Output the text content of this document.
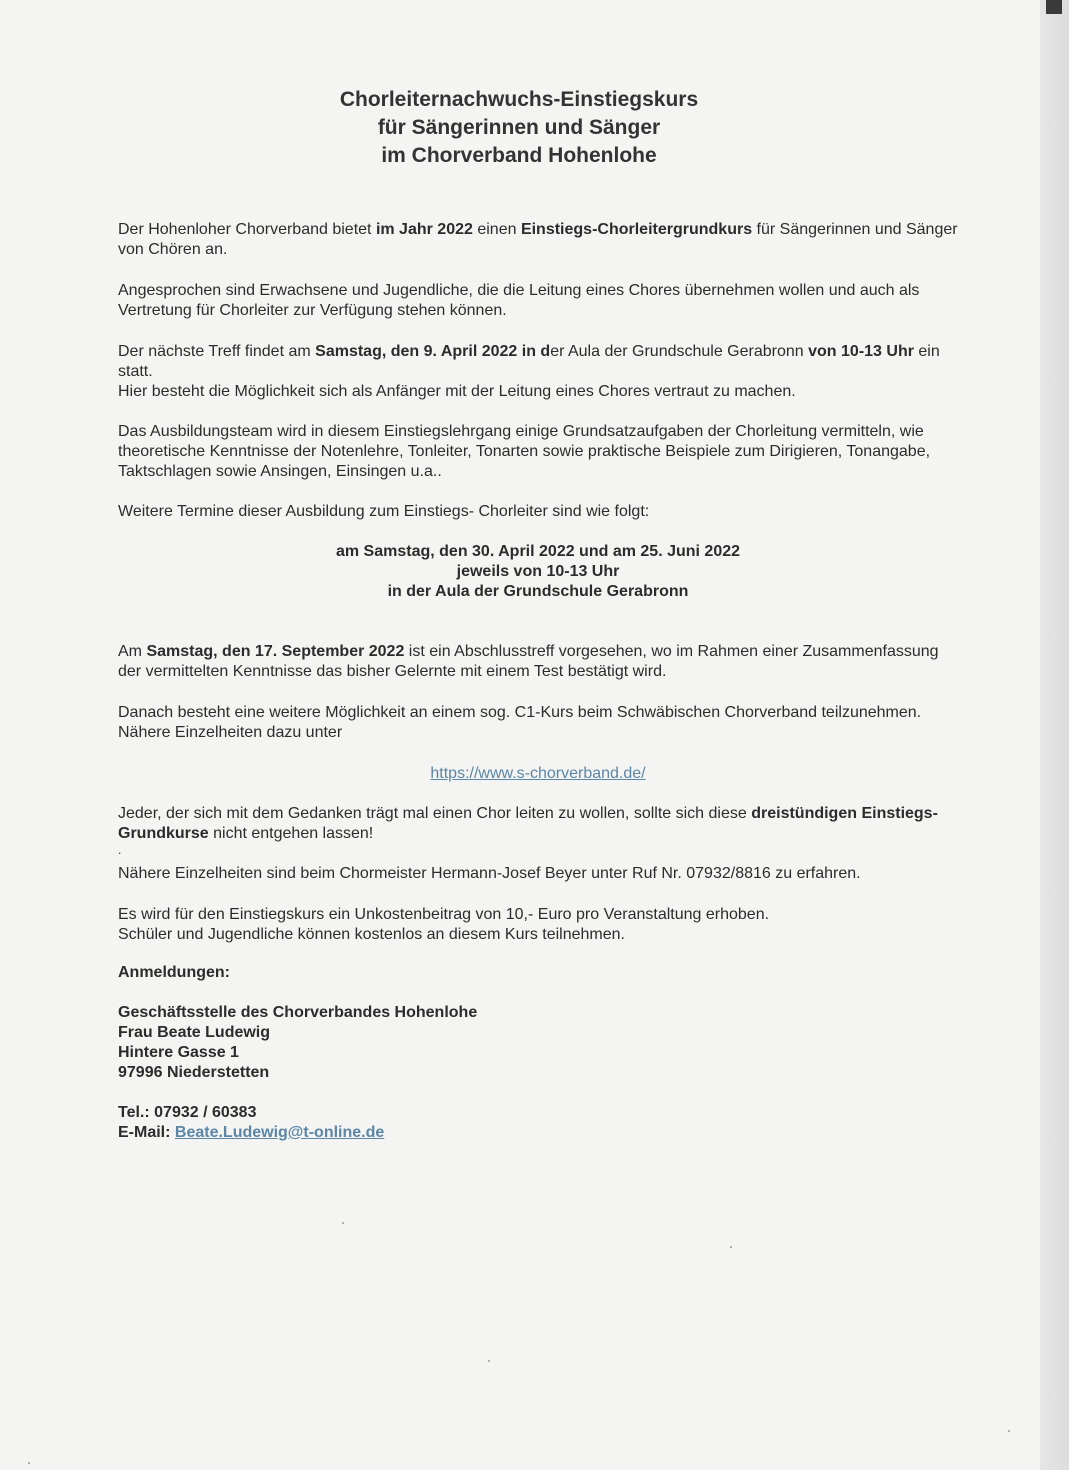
Chorleiternachwuchs-Einstiegskurs
für Sängerinnen und Sänger
im Chorverband Hohenlohe
Der Hohenloher Chorverband bietet im Jahr 2022 einen Einstiegs-Chorleitergrundkurs für Sängerinnen und Sänger von Chören an.
Angesprochen sind Erwachsene und Jugendliche, die die Leitung eines Chores übernehmen wollen und auch als Vertretung für Chorleiter zur Verfügung stehen können.
Der nächste Treff findet am Samstag, den 9. April 2022 in der Aula der Grundschule Gerabronn von 10-13 Uhr ein statt.
Hier besteht die Möglichkeit sich als Anfänger mit der Leitung eines Chores vertraut zu machen.
Das Ausbildungsteam wird in diesem Einstiegslehrgang einige Grundsatzaufgaben der Chorleitung vermitteln, wie theoretische Kenntnisse der Notenlehre, Tonleiter, Tonarten sowie praktische Beispiele zum Dirigieren, Tonangabe, Taktschlagen sowie Ansingen, Einsingen u.a..
Weitere Termine dieser Ausbildung zum Einstiegs- Chorleiter sind wie folgt:
am Samstag, den 30. April 2022 und am 25. Juni 2022
jeweils von 10-13 Uhr
in der Aula der Grundschule Gerabronn
Am Samstag, den 17. September 2022 ist ein Abschlusstreff vorgesehen, wo im Rahmen einer Zusammenfassung der vermittelten Kenntnisse das bisher Gelernte mit einem Test bestätigt wird.
Danach besteht eine weitere Möglichkeit an einem sog. C1-Kurs beim Schwäbischen Chorverband teilzunehmen. Nähere Einzelheiten dazu unter
https://www.s-chorverband.de/
Jeder, der sich mit dem Gedanken trägt mal einen Chor leiten zu wollen, sollte sich diese dreistündigen Einstiegs-Grundkurse nicht entgehen lassen!
.
Nähere Einzelheiten sind beim Chormeister Hermann-Josef Beyer unter Ruf Nr. 07932/8816 zu erfahren.
Es wird für den Einstiegskurs ein Unkostenbeitrag von 10,- Euro pro Veranstaltung erhoben.
Schüler und Jugendliche können kostenlos an diesem Kurs teilnehmen.
Anmeldungen:
Geschäftsstelle des Chorverbandes Hohenlohe
Frau Beate Ludewig
Hintere Gasse 1
97996 Niederstetten
Tel.: 07932 / 60383
E-Mail: Beate.Ludewig@t-online.de
